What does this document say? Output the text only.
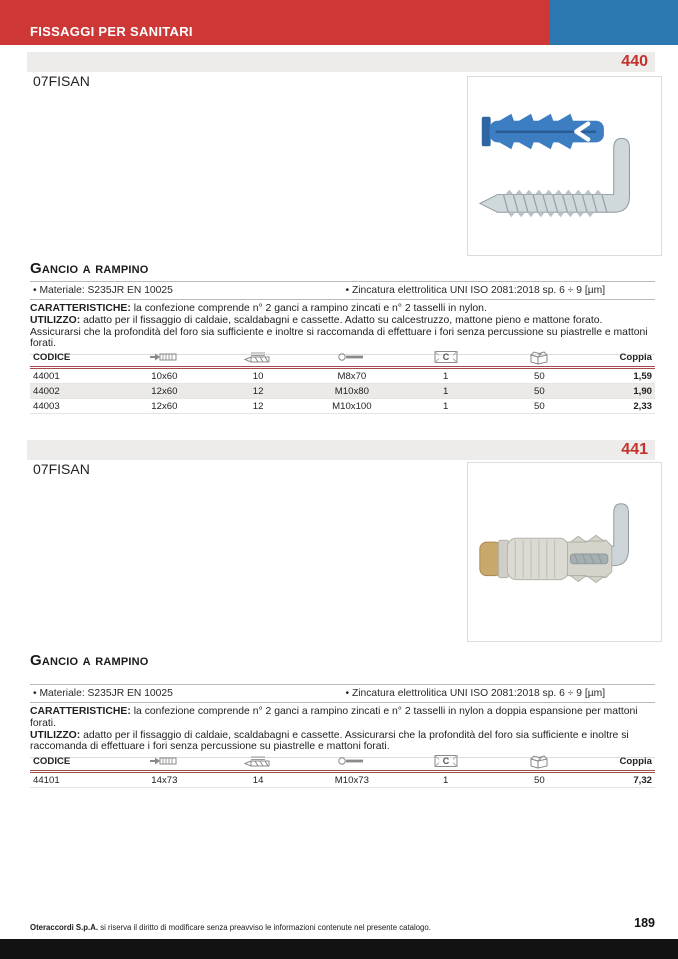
FISSAGGI PER SANITARI
440
07FISAN
Gancio a rampino
• Materiale: S235JR EN 10025	• Zincatura elettrolitica UNI ISO 2081:2018 sp. 6 ÷ 9 [µm]

CARATTERISTICHE: la confezione comprende n° 2 ganci a rampino zincati e n° 2 tasselli in nylon.

UTILIZZO: adatto per il fissaggio di caldaie, scaldabagni e cassette. Adatto su calcestruzzo, mattone pieno e mattone forato. Assicurarsi che la profondità del foro sia sufficiente e inoltre si raccomanda di effettuare i fori senza percussione su piastrelle e mattoni forati.

CODICE				C		Coppia
44001	10x60	10	M8x70	1	50	1,59
44002	12x60	12	M10x80	1	50	1,90
44003	12x60	12	M10x100	1	50	2,33
441
07FISAN
Gancio a rampino
• Materiale: S235JR EN 10025	• Zincatura elettrolitica UNI ISO 2081:2018 sp. 6 ÷ 9 [µm]

CARATTERISTICHE: la confezione comprende n° 2 ganci a rampino zincati e n° 2 tasselli in nylon a doppia espansione per mattoni forati.

UTILIZZO: adatto per il fissaggio di caldaie, scaldabagni e cassette. Assicurarsi che la profondità del foro sia sufficiente e inoltre si raccomanda di effettuare i fori senza percussione su piastrelle e mattoni forati.

CODICE				C		Coppia
44101	14x73	14	M10x73	1	50	7,32
Oteraccordi S.p.A. si riserva il diritto di modificare senza preavviso le informazioni contenute nel presente catalogo.	189
